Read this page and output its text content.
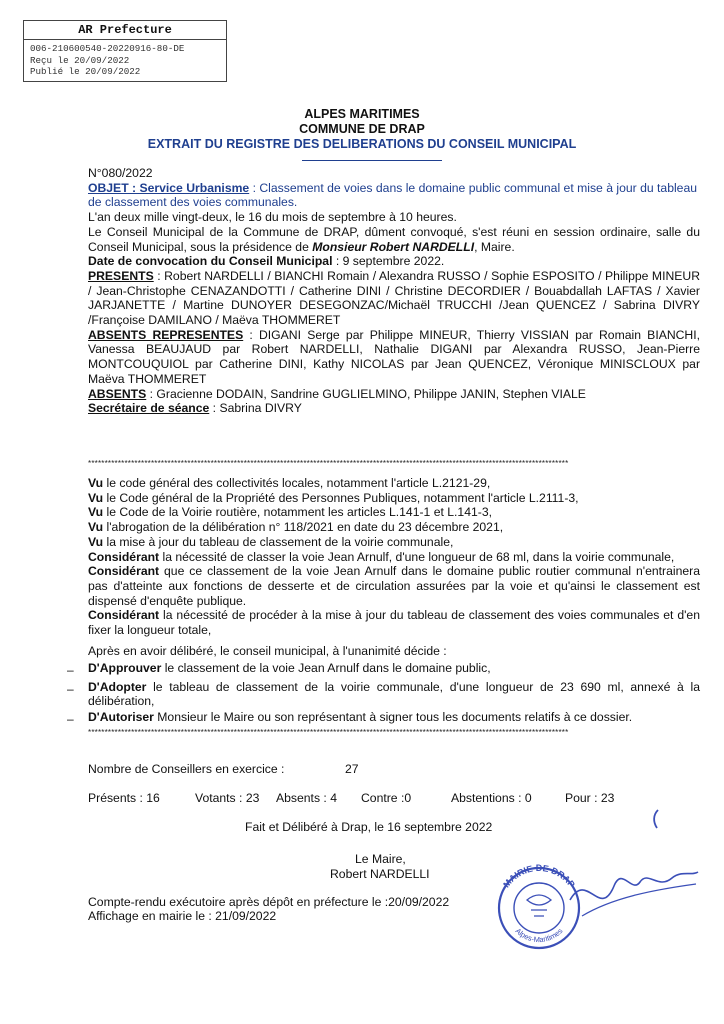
AR Prefecture
006-210600540-20220916-80-DE
Reçu le 20/09/2022
Publié le 20/09/2022
ALPES MARITIMES
COMMUNE DE DRAP
EXTRAIT DU REGISTRE DES DELIBERATIONS DU CONSEIL MUNICIPAL

N°080/2022

OBJET : Service Urbanisme : Classement de voies dans le domaine public communal et mise à jour du tableau de classement des voies communales.

L'an deux mille vingt-deux, le 16 du mois de septembre à 10 heures.

Le Conseil Municipal de la Commune de DRAP, dûment convoqué, s'est réuni en session ordinaire, salle du Conseil Municipal, sous la présidence de Monsieur Robert NARDELLI, Maire.

Date de convocation du Conseil Municipal : 9 septembre 2022.

PRESENTS : Robert NARDELLI / BIANCHI Romain / Alexandra RUSSO / Sophie ESPOSITO / Philippe MINEUR / Jean-Christophe CENAZANDOTTI / Catherine DINI / Christine DECORDIER / Bouabdallah LAFTAS / Xavier JARJANETTE / Martine DUNOYER DESEGONZAC/Michaël TRUCCHI /Jean QUENCEZ / Sabrina DIVRY /Françoise DAMILANO / Maëva THOMMERET

ABSENTS REPRESENTES : DIGANI Serge par Philippe MINEUR, Thierry VISSIAN par Romain BIANCHI, Vanessa BEAUJAUD par Robert NARDELLI, Nathalie DIGANI par Alexandra RUSSO, Jean-Pierre MONTCOUQUIOL par Catherine DINI, Kathy NICOLAS par Jean QUENCEZ, Véronique MINISCLOUX par Maëva THOMMERET

ABSENTS : Gracienne DODAIN, Sandrine GUGLIELMINO, Philippe JANIN, Stephen VIALE

Secrétaire de séance : Sabrina DIVRY

*************************************************************************************************************************************************

Vu le code général des collectivités locales, notamment l'article L.2121-29,

Vu le Code général de la Propriété des Personnes Publiques, notamment l'article L.2111-3,

Vu le Code de la Voirie routière, notamment les articles L.141-1 et L.141-3,

Vu l'abrogation de la délibération n° 118/2021 en date du 23 décembre 2021,

Vu la mise à jour du tableau de classement de la voirie communale,

Considérant la nécessité de classer la voie Jean Arnulf, d'une longueur de 68 ml, dans la voirie communale,

Considérant que ce classement de la voie Jean Arnulf dans le domaine public routier communal n'entrainera pas d'atteinte aux fonctions de desserte et de circulation assurées par la voie et qu'ainsi le classement est dispensé d'enquête publique.

Considérant la nécessité de procéder à la mise à jour du tableau de classement des voies communales et d'en fixer la longueur totale,

Après en avoir délibéré, le conseil municipal, à l'unanimité décide :
–
–
–

D'Approuver le classement de la voie Jean Arnulf dans le domaine public,

D'Adopter le tableau de classement de la voirie communale, d'une longueur de 23 690 ml, annexé à la délibération,

D'Autoriser Monsieur le Maire ou son représentant à signer tous les documents relatifs à ce dossier.

*************************************************************************************************************************************************
Nombre de Conseillers en exercice :	27
Présents : 16	Votants : 23 Absents : 4 Contre :0	Abstentions : 0	Pour : 23
Fait et Délibéré à Drap, le 16 septembre 2022
Le Maire,
Robert NARDELLI
Compte-rendu exécutoire après dépôt en préfecture le :20/09/2022
Affichage en mairie le : 21/09/2022
MAIRIE DE DRAP
Alpes-Maritimes
